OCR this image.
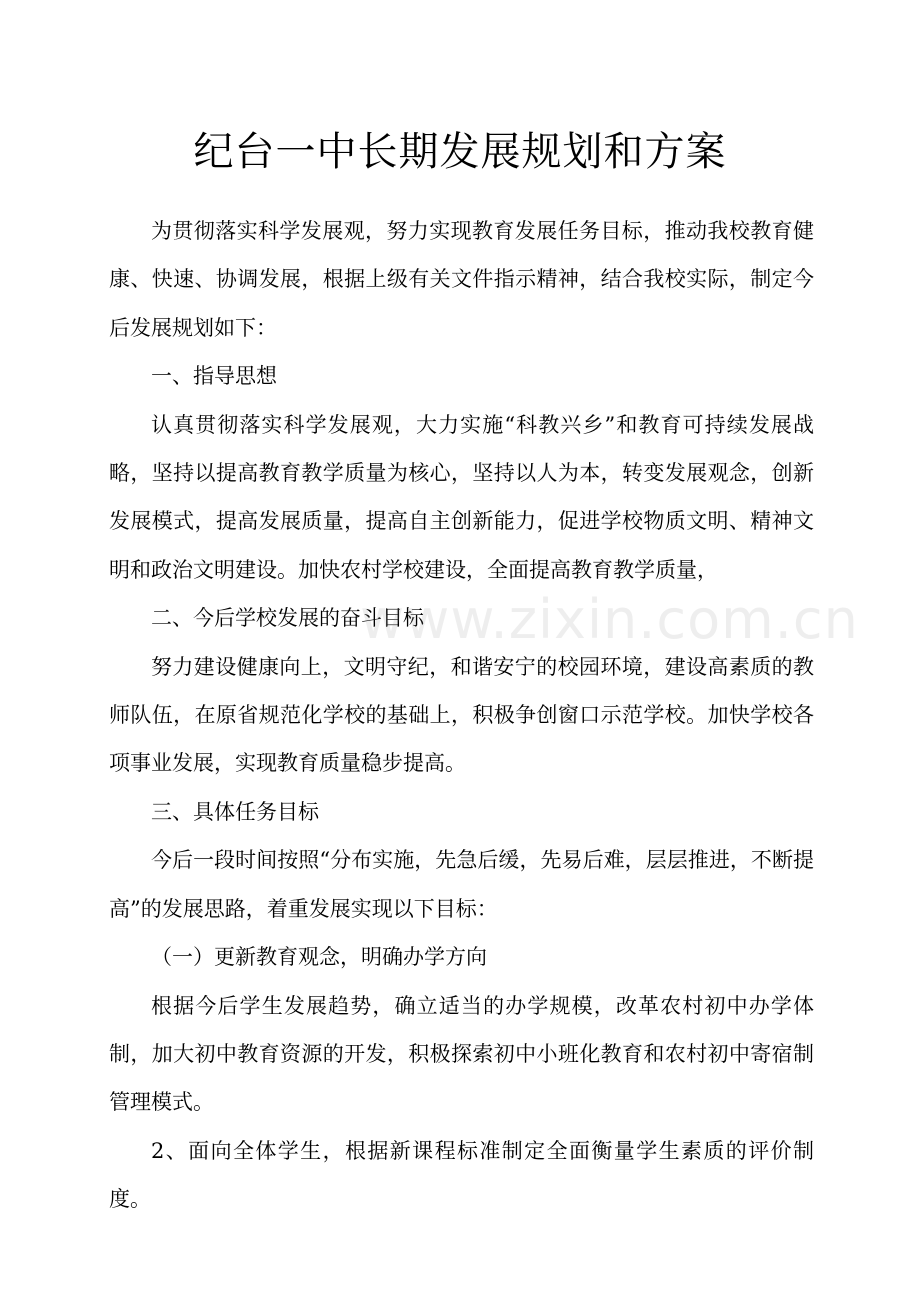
纪台一中长期发展规划和方案

为贯彻落实科学发展观，努力实现教育发展任务目标，推动我校教育健康、快速、协调发展，根据上级有关文件指示精神，结合我校实际，制定今后发展规划如下：

一、指导思想

认真贯彻落实科学发展观，大力实施“科教兴乡”和教育可持续发展战略，坚持以提高教育教学质量为核心，坚持以人为本，转变发展观念，创新发展模式，提高发展质量，提高自主创新能力，促进学校物质文明、精神文明和政治文明建设。加快农村学校建设，全面提高教育教学质量，

二、今后学校发展的奋斗目标

努力建设健康向上，文明守纪，和谐安宁的校园环境，建设高素质的教师队伍，在原省规范化学校的基础上，积极争创窗口示范学校。加快学校各项事业发展，实现教育质量稳步提高。

三、具体任务目标

今后一段时间按照“分布实施，先急后缓，先易后难，层层推进，不断提高”的发展思路，着重发展实现以下目标：

（一）更新教育观念，明确办学方向

根据今后学生发展趋势，确立适当的办学规模，改革农村初中办学体制，加大初中教育资源的开发，积极探索初中小班化教育和农村初中寄宿制管理模式。

2、面向全体学生，根据新课程标准制定全面衡量学生素质的评价制度。

www.zixin.com.cn
